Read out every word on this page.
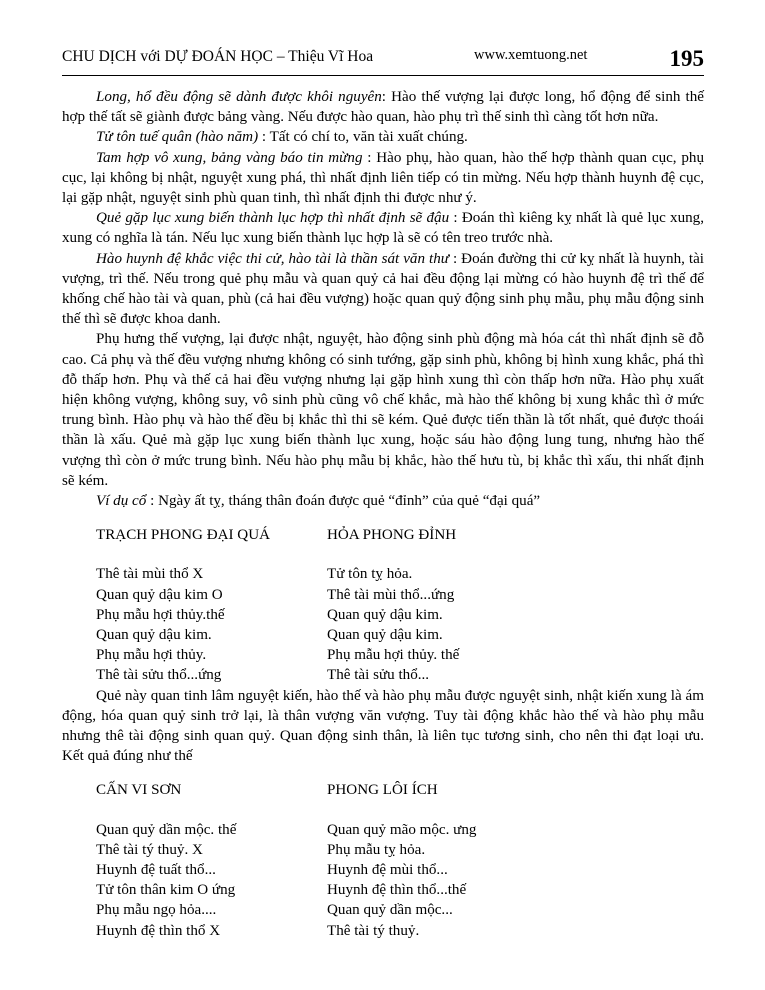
CHU DỊCH với DỰ ĐOÁN HỌC – Thiệu Vĩ Hoa	www.xemtuong.net	195

Long, hổ đều động sẽ dành được khôi nguyên: Hào thế vượng lại được long, hổ động để sinh thế hợp thế tất sẽ giành được bảng vàng. Nếu được hào quan, hào phụ trì thế sinh thì càng tốt hơn nữa.

Tử tôn tuế quân (hào năm) : Tất có chí to, văn tài xuất chúng.

Tam hợp vô xung, bảng vàng báo tin mừng : Hào phụ, hào quan, hào thế hợp thành quan cục, phụ cục, lại không bị nhật, nguyệt xung phá, thì nhất định liên tiếp có tin mừng. Nếu hợp thành huynh đệ cục, lại gặp nhật, nguyệt sinh phù quan tinh, thì nhất định thi được như ý.

Quẻ gặp lục xung biến thành lục hợp thì nhất định sẽ đậu : Đoán thì kiêng kỵ nhất là quẻ lục xung, xung có nghĩa là tán. Nếu lục xung biến thành lục hợp là sẽ có tên treo trước nhà.

Hào huynh đệ khắc việc thi cử, hào tài là thần sát văn thư : Đoán đường thi cử kỵ nhất là huynh, tài vượng, trì thế. Nếu trong quẻ phụ mẫu và quan quỷ cả hai đều động lại mừng có hào huynh đệ trì thế để khống chế hào tài và quan, phù (cả hai đều vượng) hoặc quan quỷ động sinh phụ mẫu, phụ mẫu động sinh thế thì sẽ được khoa danh.

Phụ hưng thế vượng, lại được nhật, nguyệt, hào động sinh phù động mà hóa cát thì nhất định sẽ đỗ cao. Cả phụ và thế đều vượng nhưng không có sinh tướng, gặp sinh phù, không bị hình xung khắc, phá thì đỗ thấp hơn. Phụ và thế cả hai đều vượng nhưng lại gặp hình xung thì còn thấp hơn nữa. Hào phụ xuất hiện không vượng, không suy, vô sinh phù cũng vô chế khắc, mà hào thế không bị xung khắc thì ở mức trung bình. Hào phụ và hào thế đều bị khắc thì thi sẽ kém. Quẻ được tiến thần là tốt nhất, quẻ được thoái thần là xấu. Quẻ mà gặp lục xung biến thành lục xung, hoặc sáu hào động lung tung, nhưng hào thế vượng thì còn ở mức trung bình. Nếu hào phụ mẫu bị khắc, hào thế hưu tù, bị khắc thì xấu, thi nhất định sẽ kém.

Ví dụ cổ : Ngày ất tỵ, tháng thân đoán được quẻ “đỉnh” của quẻ “đại quá”

TRẠCH PHONG ĐẠI QUÁ	HỎA PHONG ĐỈNH
Thê tài mùi thổ X	Tử tôn tỵ hỏa.
Quan quỷ dậu kim O	Thê tài mùi thổ...ứng
Phụ mẫu hợi thủy.thế	Quan quỷ dậu kim.
Quan quỷ dậu kim.	Quan quỷ dậu kim.
Phụ mẫu hợi thủy.	Phụ mẫu hợi thủy. thế
Thê tài sửu thổ...ứng	Thê tài sửu thổ...

Quẻ này quan tinh lâm nguyệt kiến, hào thế và hào phụ mẫu được nguyệt sinh, nhật kiến xung là ám động, hóa quan quỷ sinh trở lại, là thân vượng văn vượng. Tuy tài động khắc hào thế và hào phụ mẫu nhưng thê tài động sinh quan quỷ. Quan động sinh thân, là liên tục tương sinh, cho nên thi đạt loại ưu. Kết quả đúng như thế

CẤN VI SƠN	PHONG LÔI ÍCH
Quan quỷ dần mộc. thế	Quan quỷ mão mộc. ưng
Thê tài tý thuỷ. X	Phụ mẫu tỵ hỏa.
Huynh đệ tuất thổ...	Huynh đệ mùi thổ...
Tử tôn thân kim O ứng	Huynh đệ thìn thổ...thế
Phụ mẫu ngọ hỏa....	Quan quỷ dần mộc...
Huynh đệ thìn thổ X	Thê tài tý thuỷ.
